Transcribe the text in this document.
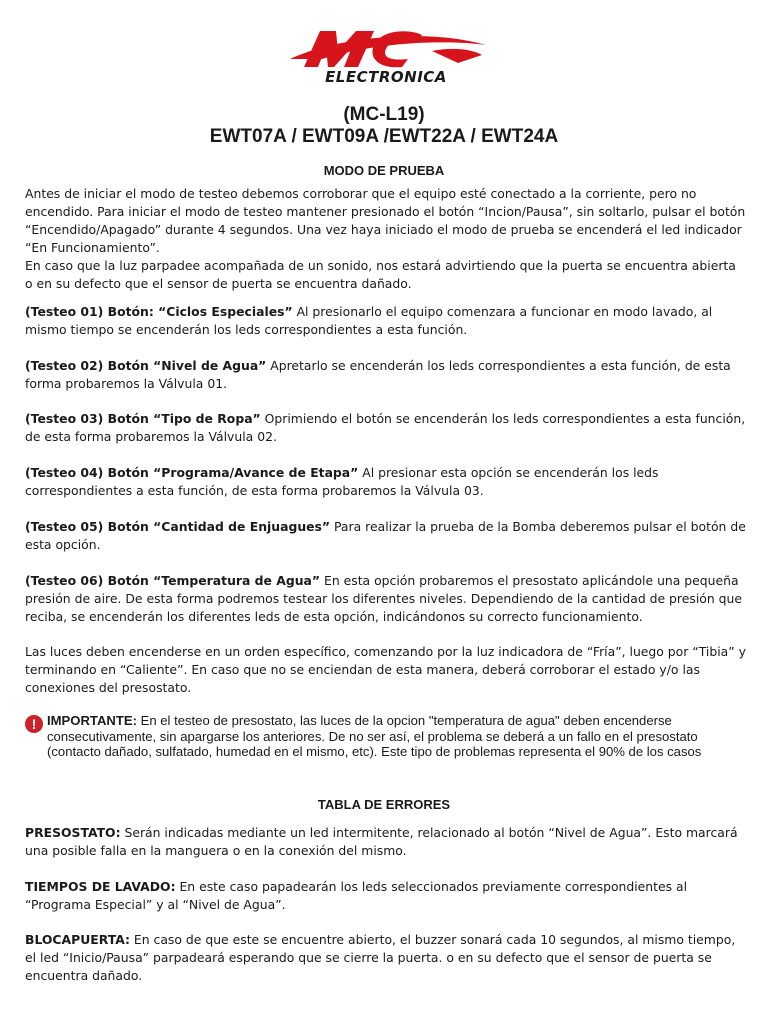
ELECTRONICA
(MC-L19)
EWT07A / EWT09A /EWT22A / EWT24A
MODO DE PRUEBA

Antes de iniciar el modo de testeo debemos corroborar que el equipo esté conectado a la corriente, pero no encendido. Para iniciar el modo de testeo mantener presionado el botón “Incion/Pausa”, sin soltarlo, pulsar el botón “Encendido/Apagado” durante 4 segundos. Una vez haya iniciado el modo de prueba se encenderá el led indicador “En Funcionamiento”.

En caso que la luz parpadee acompañada de un sonido, nos estará advirtiendo que la puerta se encuentra abierta o en su defecto que el sensor de puerta se encuentra dañado.

(Testeo 01) Botón: “Ciclos Especiales” Al presionarlo el equipo comenzara a funcionar en modo lavado, al mismo tiempo se encenderán los leds correspondientes a esta función.

(Testeo 02) Botón “Nivel de Agua” Apretarlo se encenderán los leds correspondientes a esta función, de esta forma probaremos la Válvula 01.

(Testeo 03) Botón “Tipo de Ropa” Oprimiendo el botón se encenderán los leds correspondientes a esta función, de esta forma probaremos la Válvula 02.

(Testeo 04) Botón “Programa/Avance de Etapa” Al presionar esta opción se encenderán los leds correspondientes a esta función, de esta forma probaremos la Válvula 03.

(Testeo 05) Botón “Cantidad de Enjuagues” Para realizar la prueba de la Bomba deberemos pulsar el botón de esta opción.

(Testeo 06) Botón “Temperatura de Agua” En esta opción probaremos el presostato aplicándole una pequeña presión de aire. De esta forma podremos testear los diferentes niveles. Dependiendo de la cantidad de presión que reciba, se encenderán los diferentes leds de esta opción, indicándonos su correcto funcionamiento.

Las luces deben encenderse en un orden específico, comenzando por la luz indicadora de “Fría”, luego por “Tibia” y terminando en “Caliente”. En caso que no se enciendan de esta manera, deberá corroborar el estado y/o las conexiones del presostato.

! IMPORTANTE: En el testeo de presostato, las luces de la opcion "temperatura de agua" deben encenderse consecutivamente, sin apargarse los anteriores. De no ser así, el problema se deberá a un fallo en el presostato (contacto dañado, sulfatado, humedad en el mismo, etc). Este tipo de problemas representa el 90% de los casos
TABLA DE ERRORES

PRESOSTATO: Serán indicadas mediante un led intermitente, relacionado al botón “Nivel de Agua”. Esto marcará una posible falla en la manguera o en la conexión del mismo.

TIEMPOS DE LAVADO: En este caso papadearán los leds seleccionados previamente correspondientes al “Programa Especial” y al “Nivel de Agua”.

BLOCAPUERTA: En caso de que este se encuentre abierto, el buzzer sonará cada 10 segundos, al mismo tiempo, el led “Inicio/Pausa” parpadeará esperando que se cierre la puerta. o en su defecto que el sensor de puerta se encuentra dañado.
